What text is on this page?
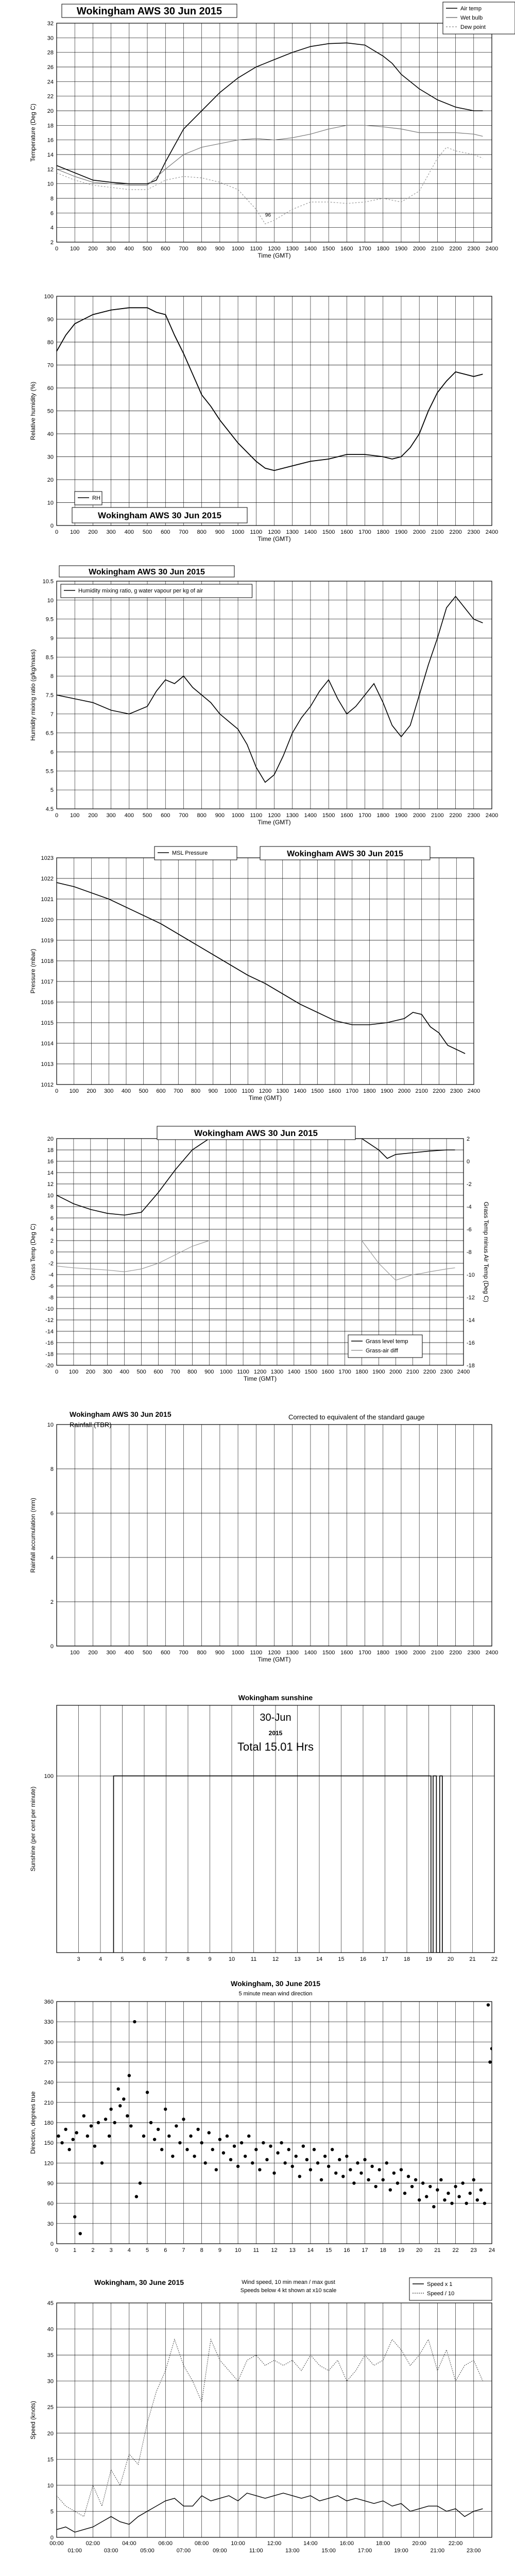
2
4
6
8
10
12
14
16
18
20
22
24
26
28
30
32
0 100 200 300 400 500 600 700 800 900 1000 1100 1200 1300 1400 1500 1600 1700 1800 1900 2000 2100 2200 2300 2400
Time (GMT)
Temperature (Deg C)
Wokingham AWS 30 Jun 2015	Air temp
Wet bulb
Dew point
96
0
10
20
30
40
50
60
70
80
90
100
0 100 200 300 400 500 600 700 800 900 1000 1100 1200 1300 1400 1500 1600 1700 1800 1900 2000 2100 2200 2300 2400
Time (GMT)
Relative humidity (%)
Wokingham AWS 30 Jun 2015
RH
4.5
5
5.5
6
6.5
7
7.5
8
8.5
9
9.5
10
10.5
0 100 200 300 400 500 600 700 800 900 1000 1100 1200 1300 1400 1500 1600 1700 1800 1900 2000 2100 2200 2300 2400
Time (GMT)
Humidity mixing ratio (g/kg/mass)
Wokingham AWS 30 Jun 2015
Humidity mixing ratio, g water vapour per kg of air
1012
1013
1014
1015
1016
1017
1018
1019
1020
1021
1022
1023
0 100 200 300 400 500 600 700 800 900 1000 1100 1200 1300 1400 1500 1600 1700 1800 1900 2000 2100 2200 2300 2400
Time (GMT)
Pressure (mbar)
Wokingham AWS 30 Jun 2015
MSL Pressure
-20
-18
-16
-14
-12
-10
-8
-6
-4
-2
0
2
4
6
8
10
12
14
16
18
20
-18
-16
-14
-12
-10
-8
-6
-4
-2
0
2
0 100 200 300 400 500 600 700 800 900 1000 1100 1200 1300 1400 1500 1600 1700 1800 1900 2000 2100 2200 2300 2400
Time (GMT)
Grass Temp (Deg C)	Grass Temp minus Air Temp (Deg C)
Wokingham AWS 30 Jun 2015
Grass level temp
Grass-air diff
0
2
4
6
8
10
100 200 300 400 500 600 700 800 900 1000 1100 1200 1300 1400 1500 1600 1700 1800 1900 2000 2100 2200 2300 2400
Time (GMT)
Rainfall accumulation (mm)
Wokingham AWS 30 Jun 2015
Rainfall (TBR)
Corrected to equivalent of the standard gauge
100
3	4	5	6	7	8	9	10	11	12	13	14	15	16	17	18	19	20	21	22
Sunshine (per cent per minute)
Wokingham sunshine
30-Jun
2015
Total 15.01 Hrs
0
30
60
90
120
150
180
210
240
270
300
330
360
0	1	2	3	4	5	6	7	8	9 10 11 12 13 14 15 16 17 18 19 20 21 22 23 24
Direction, degrees true
Wokingham, 30 June 2015
5 minute mean wind direction
0
5
10
15
20
25
30
35
40
45
00:00	02:00	04:00	06:00	08:00	10:00	12:00	14:00	16:00	18:00	20:00	22:00
01:00	03:00	05:00	07:00	09:00	11:00	13:00	15:00	17:00	19:00	21:00	23:00
Speed (knots)
Wokingham, 30 June 2015	Wind speed, 10 min mean / max gust
Speeds below 4 kt shown at x10 scale
Speed x 1
Speed / 10
